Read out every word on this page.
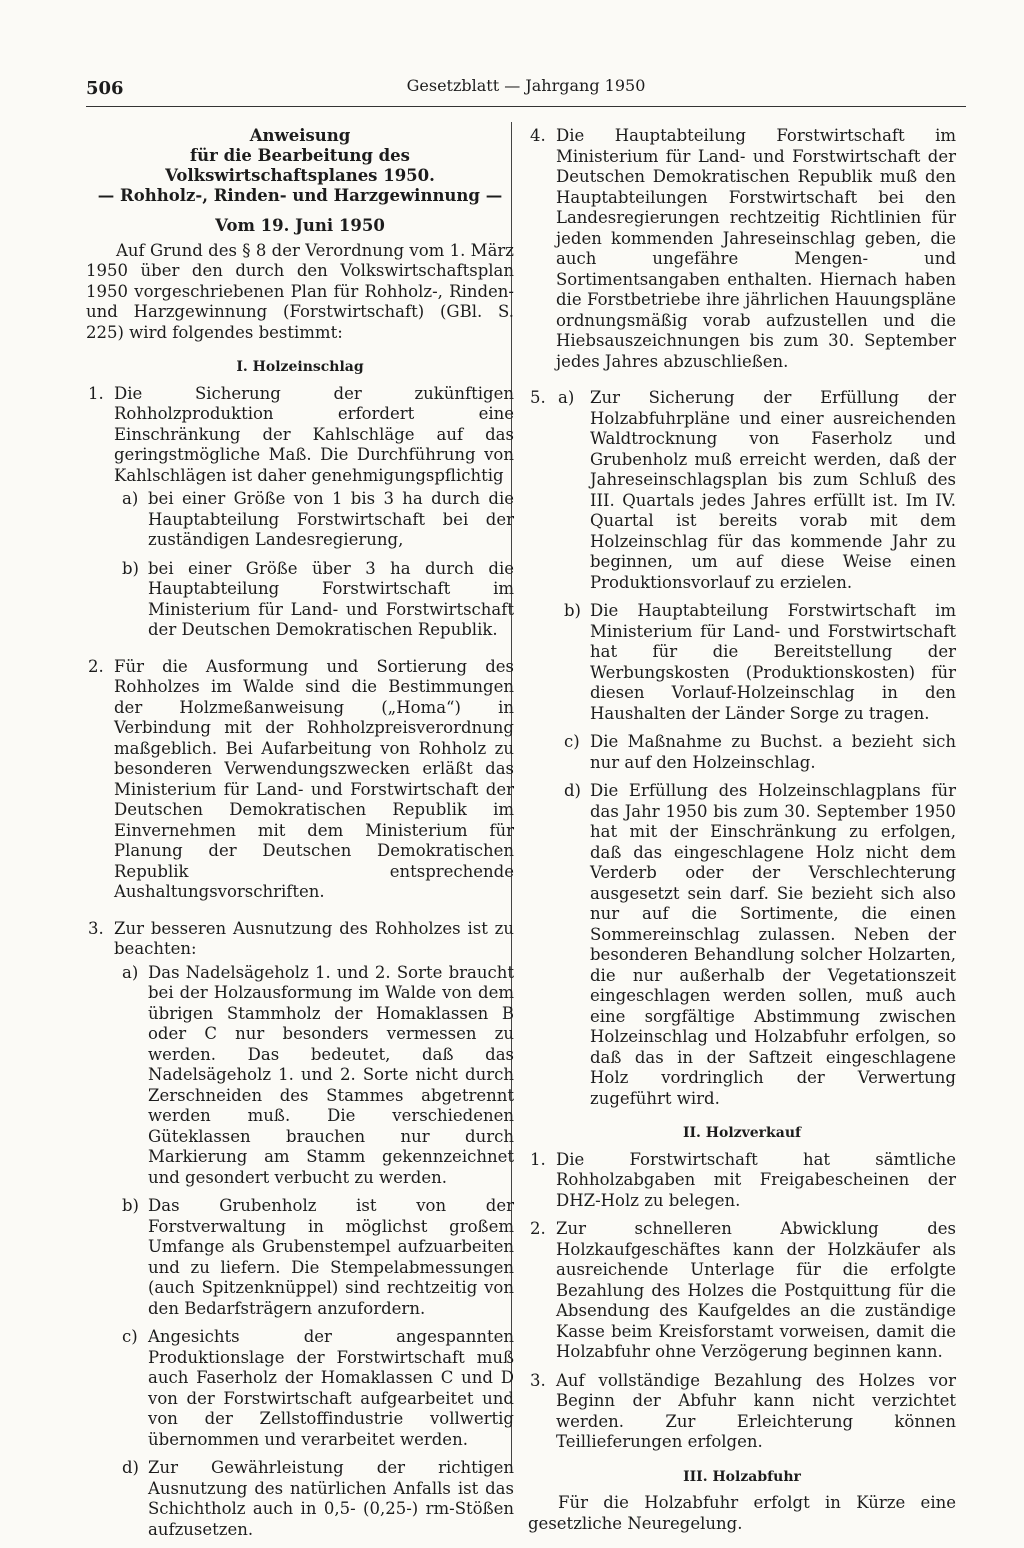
506	Gesetzblatt — Jahrgang 1950
Anweisung
für die Bearbeitung des Volkswirtschaftsplanes 1950.
— Rohholz-, Rinden- und Harzgewinnung —
Vom 19. Juni 1950
Auf Grund des § 8 der Verordnung vom 1. März 1950 über den durch den Volkswirtschaftsplan 1950 vorgeschriebenen Plan für Rohholz-, Rinden- und Harzgewinnung (Forstwirtschaft) (GBl. S. 225) wird folgendes bestimmt:
I. Holzeinschlag
1. Die Sicherung der zukünftigen Rohholzproduktion erfordert eine Einschränkung der Kahlschläge auf das geringstmögliche Maß. Die Durchführung von Kahlschlägen ist daher genehmigungspflichtig
a) bei einer Größe von 1 bis 3 ha durch die Hauptabteilung Forstwirtschaft bei der zuständigen Landesregierung,
b) bei einer Größe über 3 ha durch die Hauptabteilung Forstwirtschaft im Ministerium für Land- und Forstwirtschaft der Deutschen Demokratischen Republik.
2. Für die Ausformung und Sortierung des Rohholzes im Walde sind die Bestimmungen der Holzmeßanweisung („Homa“) in Verbindung mit der Rohholzpreisverordnung maßgeblich. Bei Aufarbeitung von Rohholz zu besonderen Verwendungszwecken erläßt das Ministerium für Land- und Forstwirtschaft der Deutschen Demokratischen Republik im Einvernehmen mit dem Ministerium für Planung der Deutschen Demokratischen Republik entsprechende Aushaltungsvorschriften.
3. Zur besseren Ausnutzung des Rohholzes ist zu beachten:
a) Das Nadelsägeholz 1. und 2. Sorte braucht bei der Holzausformung im Walde von dem übrigen Stammholz der Homaklassen B oder C nur besonders vermessen zu werden. Das bedeutet, daß das Nadelsägeholz 1. und 2. Sorte nicht durch Zerschneiden des Stammes abgetrennt werden muß. Die verschiedenen Güteklassen brauchen nur durch Markierung am Stamm gekennzeichnet und gesondert verbucht zu werden.
b) Das Grubenholz ist von der Forstverwaltung in möglichst großem Umfange als Grubenstempel aufzuarbeiten und zu liefern. Die Stempelabmessungen (auch Spitzenknüppel) sind rechtzeitig von den Bedarfsträgern anzufordern.
c) Angesichts der angespannten Produktionslage der Forstwirtschaft muß auch Faserholz der Homaklassen C und D von der Forstwirtschaft aufgearbeitet und von der Zellstoffindustrie vollwertig übernommen und verarbeitet werden.
d) Zur Gewährleistung der richtigen Ausnutzung des natürlichen Anfalls ist das Schichtholz auch in 0,5- (0,25-) rm-Stößen aufzusetzen.
4. Die Hauptabteilung Forstwirtschaft im Ministerium für Land- und Forstwirtschaft der Deutschen Demokratischen Republik muß den Hauptabteilungen Forstwirtschaft bei den Landesregierungen rechtzeitig Richtlinien für jeden kommenden Jahreseinschlag geben, die auch ungefähre Mengen- und Sortimentsangaben enthalten. Hiernach haben die Forstbetriebe ihre jährlichen Hauungspläne ordnungsmäßig vorab aufzustellen und die Hiebsauszeichnungen bis zum 30. September jedes Jahres abzuschließen.
5. a) Zur Sicherung der Erfüllung der Holzabfuhrpläne und einer ausreichenden Waldtrocknung von Faserholz und Grubenholz muß erreicht werden, daß der Jahreseinschlagsplan bis zum Schluß des III. Quartals jedes Jahres erfüllt ist. Im IV. Quartal ist bereits vorab mit dem Holzeinschlag für das kommende Jahr zu beginnen, um auf diese Weise einen Produktionsvorlauf zu erzielen.
b) Die Hauptabteilung Forstwirtschaft im Ministerium für Land- und Forstwirtschaft hat für die Bereitstellung der Werbungskosten (Produktionskosten) für diesen Vorlauf-Holzeinschlag in den Haushalten der Länder Sorge zu tragen.
c) Die Maßnahme zu Buchst. a bezieht sich nur auf den Holzeinschlag.
d) Die Erfüllung des Holzeinschlagplans für das Jahr 1950 bis zum 30. September 1950 hat mit der Einschränkung zu erfolgen, daß das eingeschlagene Holz nicht dem Verderb oder der Verschlechterung ausgesetzt sein darf. Sie bezieht sich also nur auf die Sortimente, die einen Sommereinschlag zulassen. Neben der besonderen Behandlung solcher Holzarten, die nur außerhalb der Vegetationszeit eingeschlagen werden sollen, muß auch eine sorgfältige Abstimmung zwischen Holzeinschlag und Holzabfuhr erfolgen, so daß das in der Saftzeit eingeschlagene Holz vordringlich der Verwertung zugeführt wird.
II. Holzverkauf
1. Die Forstwirtschaft hat sämtliche Rohholzabgaben mit Freigabescheinen der DHZ-Holz zu belegen.
2. Zur schnelleren Abwicklung des Holzkaufgeschäftes kann der Holzkäufer als ausreichende Unterlage für die erfolgte Bezahlung des Holzes die Postquittung für die Absendung des Kaufgeldes an die zuständige Kasse beim Kreisforstamt vorweisen, damit die Holzabfuhr ohne Verzögerung beginnen kann.
3. Auf vollständige Bezahlung des Holzes vor Beginn der Abfuhr kann nicht verzichtet werden. Zur Erleichterung können Teillieferungen erfolgen.
III. Holzabfuhr
Für die Holzabfuhr erfolgt in Kürze eine gesetzliche Neuregelung.
